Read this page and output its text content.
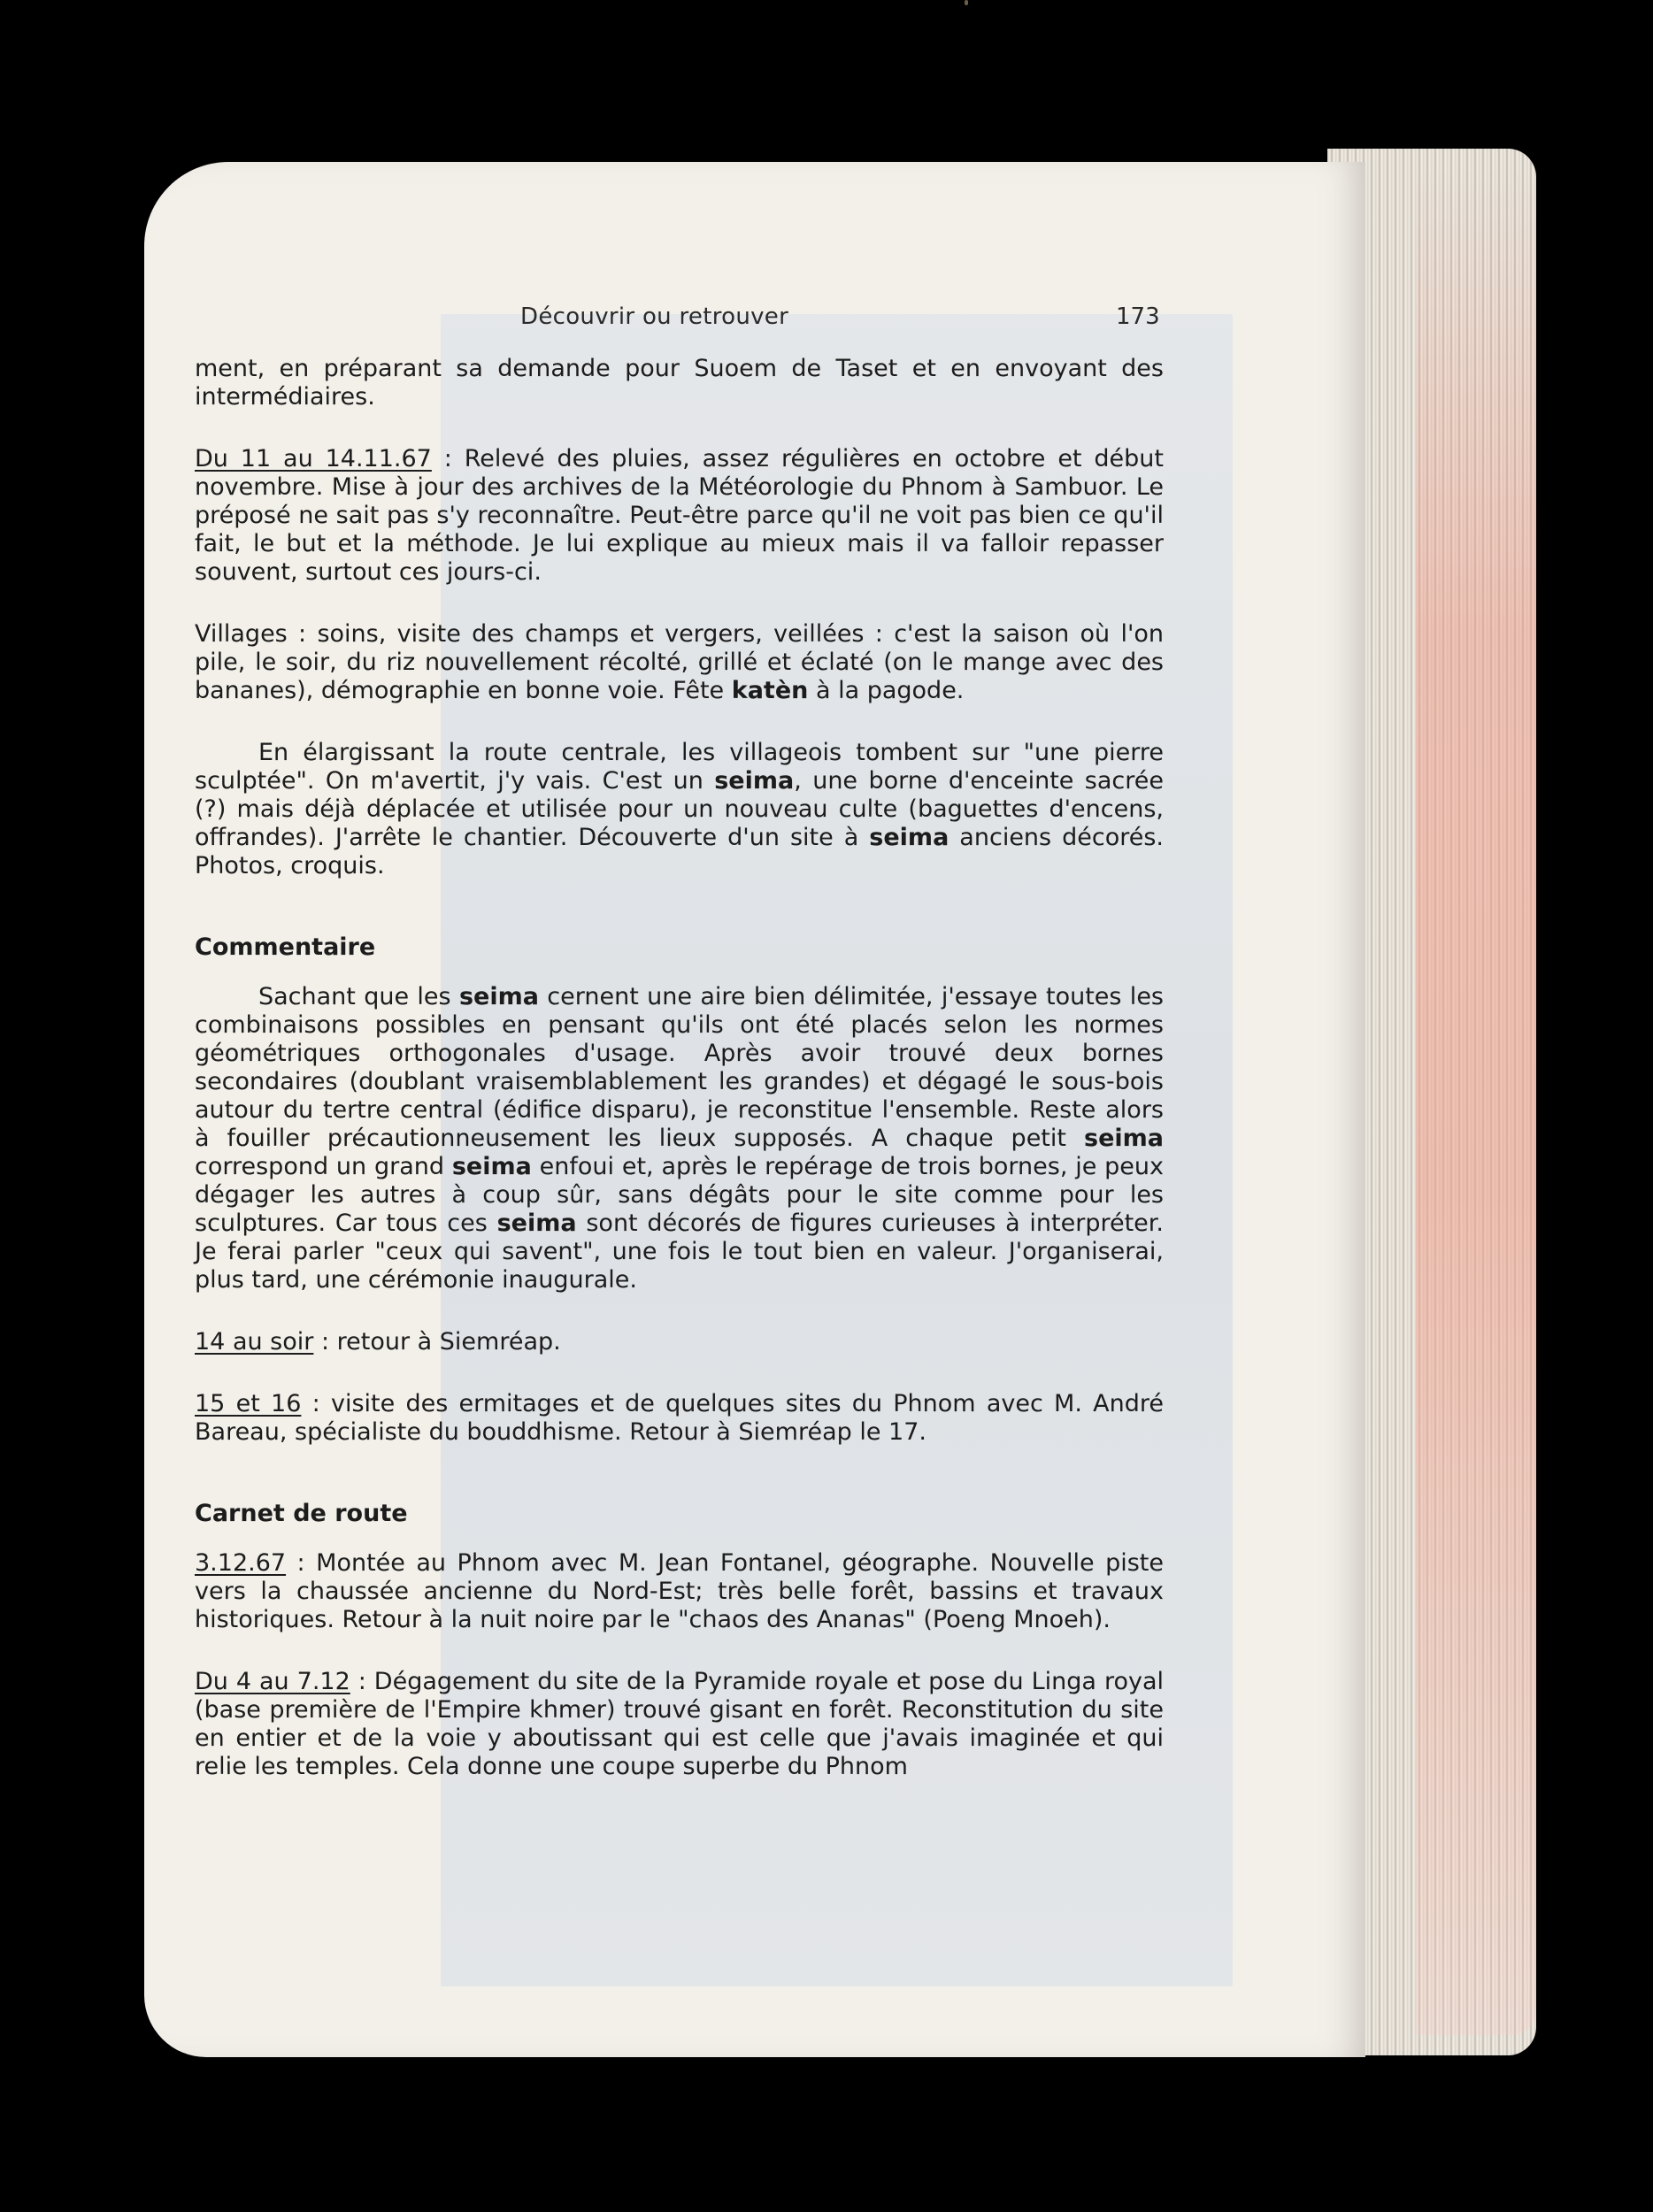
Découvrir ou retrouver	173

ment, en préparant sa demande pour Suoem de Taset et en envoyant des intermédiaires.

Du 11 au 14.11.67 : Relevé des pluies, assez régulières en octobre et début novembre. Mise à jour des archives de la Météorologie du Phnom à Sambuor. Le préposé ne sait pas s'y reconnaître. Peut-être parce qu'il ne voit pas bien ce qu'il fait, le but et la méthode. Je lui explique au mieux mais il va falloir repasser souvent, surtout ces jours-ci.

Villages : soins, visite des champs et vergers, veillées : c'est la saison où l'on pile, le soir, du riz nouvellement récolté, grillé et éclaté (on le mange avec des bananes), démographie en bonne voie. Fête katèn à la pagode.

En élargissant la route centrale, les villageois tombent sur "une pierre sculptée". On m'avertit, j'y vais. C'est un seima, une borne d'enceinte sacrée (?) mais déjà déplacée et utilisée pour un nouveau culte (baguettes d'encens, offrandes). J'arrête le chantier. Découverte d'un site à seima anciens décorés. Photos, croquis.

Commentaire

Sachant que les seima cernent une aire bien délimitée, j'essaye toutes les combinaisons possibles en pensant qu'ils ont été placés selon les normes géométriques orthogonales d'usage. Après avoir trouvé deux bornes secondaires (doublant vraisemblablement les grandes) et dégagé le sous-bois autour du tertre central (édifice disparu), je reconstitue l'ensemble. Reste alors à fouiller précautionneusement les lieux supposés. A chaque petit seima correspond un grand seima enfoui et, après le repérage de trois bornes, je peux dégager les autres à coup sûr, sans dégâts pour le site comme pour les sculptures. Car tous ces seima sont décorés de figures curieuses à interpréter. Je ferai parler "ceux qui savent", une fois le tout bien en valeur. J'organiserai, plus tard, une cérémonie inaugurale.

14 au soir : retour à Siemréap.

15 et 16 : visite des ermitages et de quelques sites du Phnom avec M. André Bareau, spécialiste du bouddhisme. Retour à Siemréap le 17.

Carnet de route

3.12.67 : Montée au Phnom avec M. Jean Fontanel, géographe. Nouvelle piste vers la chaussée ancienne du Nord-Est; très belle forêt, bassins et travaux historiques. Retour à la nuit noire par le "chaos des Ananas" (Poeng Mnoeh).

Du 4 au 7.12 : Dégagement du site de la Pyramide royale et pose du Linga royal (base première de l'Empire khmer) trouvé gisant en forêt. Reconstitution du site en entier et de la voie y aboutissant qui est celle que j'avais imaginée et qui relie les temples. Cela donne une coupe superbe du Phnom
